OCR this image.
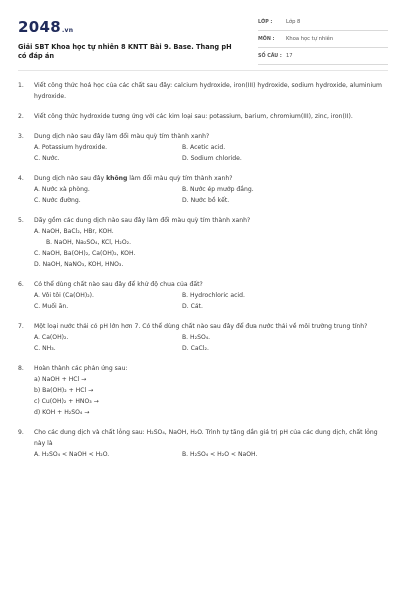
2048.vn
Giải SBT Khoa học tự nhiên 8 KNTT Bài 9. Base. Thang pH có đáp án
LỚP :	Lớp 8
MÔN :	Khoa học tự nhiên
SỐ CÂU : 17
1.	Viết công thức hoá học của các chất sau đây: calcium hydroxide, iron(III) hydroxide, sodium hydroxide, aluminium hydroxide.
2.	Viết công thức hydroxide tương ứng với các kim loại sau: potassium, barium, chromium(III), zinc, iron(II).
3.	Dung dịch nào sau đây làm đổi màu quỳ tím thành xanh?
A. Potassium hydroxide.	B. Acetic acid.
C. Nước.	D. Sodium chloride.
4.	Dung dịch nào sau đây không làm đổi màu quỳ tím thành xanh?
A. Nước xà phòng.	B. Nước ép mướp đắng.
C. Nước đường.	D. Nước bồ kết.
5.	Dãy gồm các dung dịch nào sau đây làm đổi màu quỳ tím thành xanh?
A. NaOH, BaCl₂, HBr, KOH.
B. NaOH, Na₂SO₄, KCl, H₂O₂.
C. NaOH, Ba(OH)₂, Ca(OH)₂, KOH.
D. NaOH, NaNO₃, KOH, HNO₃.
6.	Có thể dùng chất nào sau đây để khử độ chua của đất?
A. Vôi tôi (Ca(OH)₂).	B. Hydrochloric acid.
C. Muối ăn.	D. Cát.
7.	Một loại nước thải có pH lớn hơn 7. Có thể dùng chất nào sau đây để đưa nước thải về môi trường trung tính?
A. Ca(OH)₂.	B. H₂SO₄.
C. NH₃.	D. CaCl₂.
8.	Hoàn thành các phản ứng sau:
a) NaOH + HCl →
b) Ba(OH)₂ + HCl →
c) Cu(OH)₂ + HNO₃ →
d) KOH + H₂SO₄ →
9.	Cho các dung dịch và chất lỏng sau: H₂SO₄, NaOH, H₂O. Trình tự tăng dần giá trị pH của các dung dịch, chất lỏng này là
A. H₂SO₄ < NaOH < H₂O.	B. H₂SO₄ < H₂O < NaOH.
